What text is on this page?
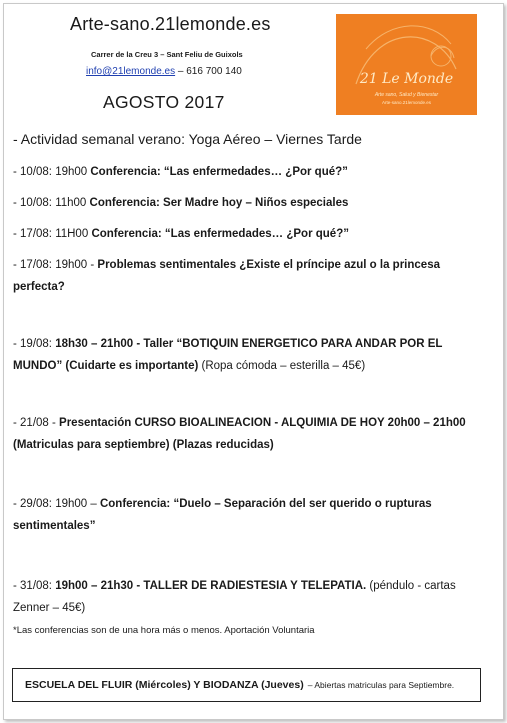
Arte-sano.21lemonde.es
Carrer de la Creu 3 – Sant Feliu de Guixols
info@21lemonde.es – 616 700 140
AGOSTO 2017
21 Le Monde
Arte sano, Salud y Bienestar
Arte-sano.21lemonde.es
- Actividad semanal verano: Yoga Aéreo – Viernes Tarde
- 10/08: 19h00 Conferencia: “Las enfermedades… ¿Por qué?”
- 10/08: 11h00 Conferencia: Ser Madre hoy – Niños especiales
- 17/08: 11H00 Conferencia: “Las enfermedades… ¿Por qué?”
- 17/08: 19h00 - Problemas sentimentales ¿Existe el príncipe azul o la princesa perfecta?
- 19/08: 18h30 – 21h00 - Taller “BOTIQUIN ENERGETICO PARA ANDAR POR EL MUNDO” (Cuidarte es importante) (Ropa cómoda – esterilla – 45€)
- 21/08 - Presentación CURSO BIOALINEACION - ALQUIMIA DE HOY 20h00 – 21h00 (Matriculas para septiembre) (Plazas reducidas)
- 29/08: 19h00 – Conferencia: “Duelo – Separación del ser querido o rupturas sentimentales”
- 31/08: 19h00 – 21h30 - TALLER DE RADIESTESIA Y TELEPATIA. (péndulo - cartas Zenner – 45€)
*Las conferencias son de una hora más o menos. Aportación Voluntaria
ESCUELA DEL FLUIR (Miércoles) Y BIODANZA (Jueves) – Abiertas matriculas para Septiembre.
